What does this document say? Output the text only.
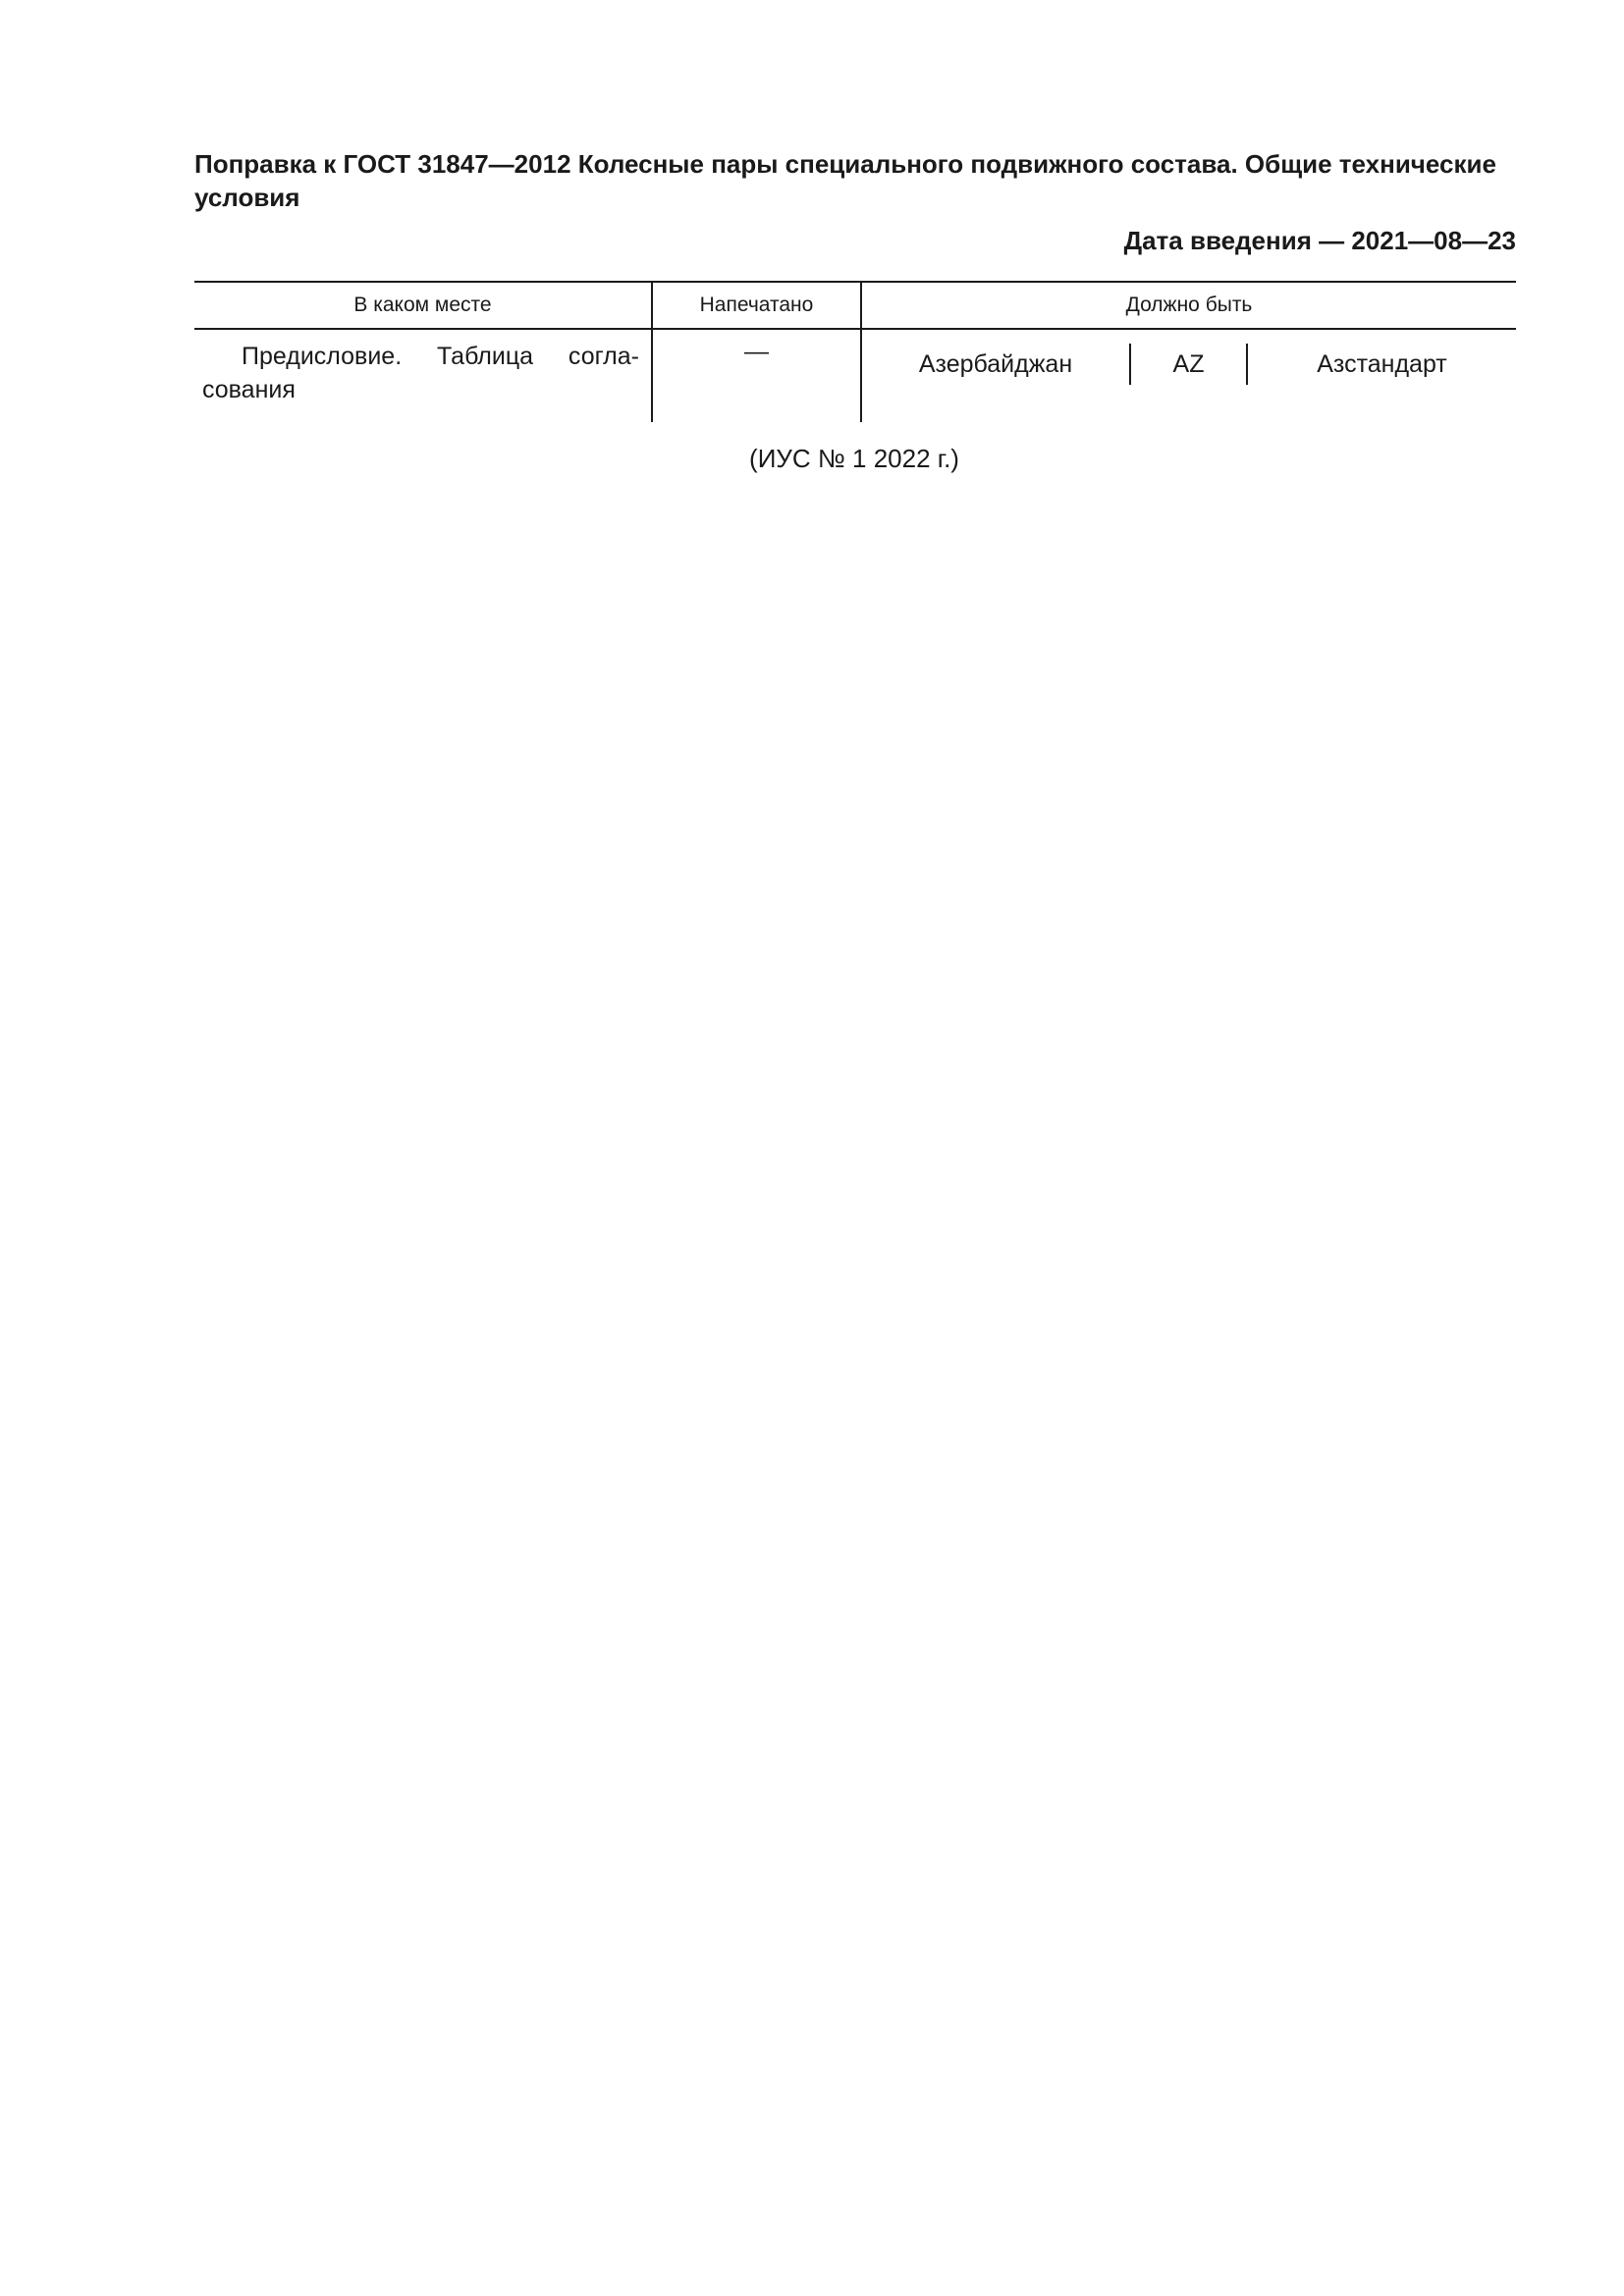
Поправка к ГОСТ 31847—2012 Колесные пары специального подвижного состава. Общие технические условия

Дата введения — 2021—08—23

В каком месте	Напечатано	Должно быть
Предисловие. Таблица согласования	—	Азербайджан AZ Азстандарт

(ИУС № 1 2022 г.)
